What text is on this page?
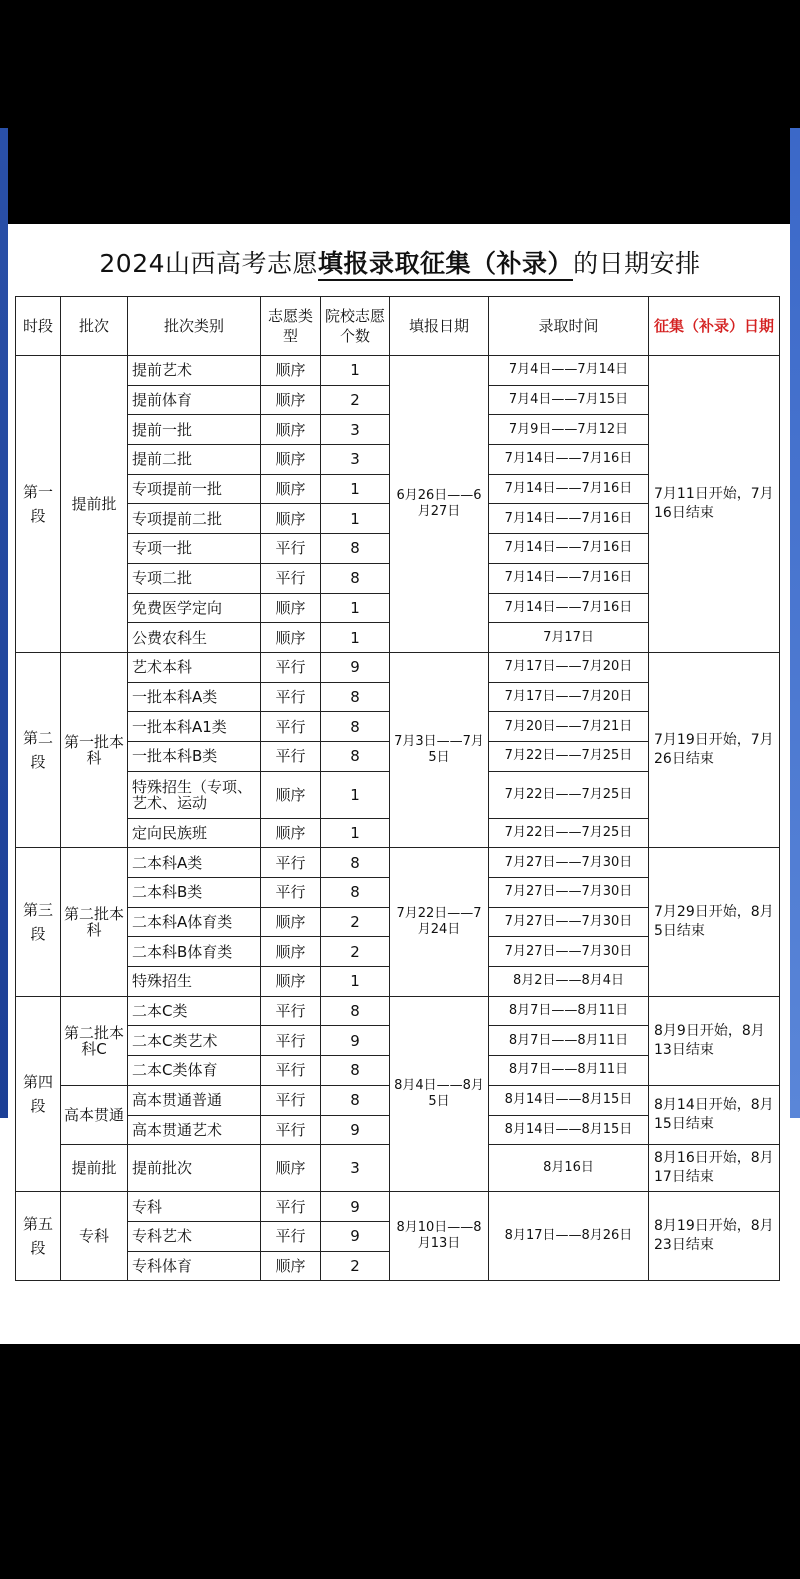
2024山西高考志愿填报录取征集（补录）的日期安排
时段	批次	批次类别	志愿类型	院校志愿个数	填报日期	录取时间	征集（补录）日期
第一段	提前批	提前艺术	顺序	1	6月26日——6月27日	7月4日——7月14日	7月11日开始，7月16日结束
		提前体育	顺序	2		7月4日——7月15日	
		提前一批	顺序	3		7月9日——7月12日	
		提前二批	顺序	3		7月14日——7月16日	
		专项提前一批	顺序	1		7月14日——7月16日	
		专项提前二批	顺序	1		7月14日——7月16日	
		专项一批	平行	8		7月14日——7月16日	
		专项二批	平行	8		7月14日——7月16日	
		免费医学定向	顺序	1		7月14日——7月16日	
		公费农科生	顺序	1		7月17日	
第二段	第一批本科	艺术本科	平行	9	7月3日——7月5日	7月17日——7月20日	7月19日开始，7月26日结束
		一批本科A类	平行	8		7月17日——7月20日	
		一批本科A1类	平行	8		7月20日——7月21日	
		一批本科B类	平行	8		7月22日——7月25日	
		特殊招生（专项、艺术、运动	顺序	1		7月22日——7月25日	
		定向民族班	顺序	1		7月22日——7月25日	
第三段	第二批本科	二本科A类	平行	8	7月22日——7月24日	7月27日——7月30日	7月29日开始，8月5日结束
		二本科B类	平行	8		7月27日——7月30日	
		二本科A体育类	顺序	2		7月27日——7月30日	
		二本科B体育类	顺序	2		7月27日——7月30日	
		特殊招生	顺序	1		8月2日——8月4日	
第四段	第二批本科C	二本C类	平行	8	8月4日——8月5日	8月7日——8月11日	8月9日开始，8月13日结束
		二本C类艺术	平行	9		8月7日——8月11日	
		二本C类体育	平行	8		8月7日——8月11日	
	高本贯通	高本贯通普通	平行	8		8月14日——8月15日	8月14日开始，8月15日结束
		高本贯通艺术	平行	9		8月14日——8月15日	
	提前批	提前批次	顺序	3		8月16日	8月16日开始，8月17日结束
第五段	专科	专科	平行	9	8月10日——8月13日	8月17日——8月26日	8月19日开始，8月23日结束
		专科艺术	平行	9			
		专科体育	顺序	2			
